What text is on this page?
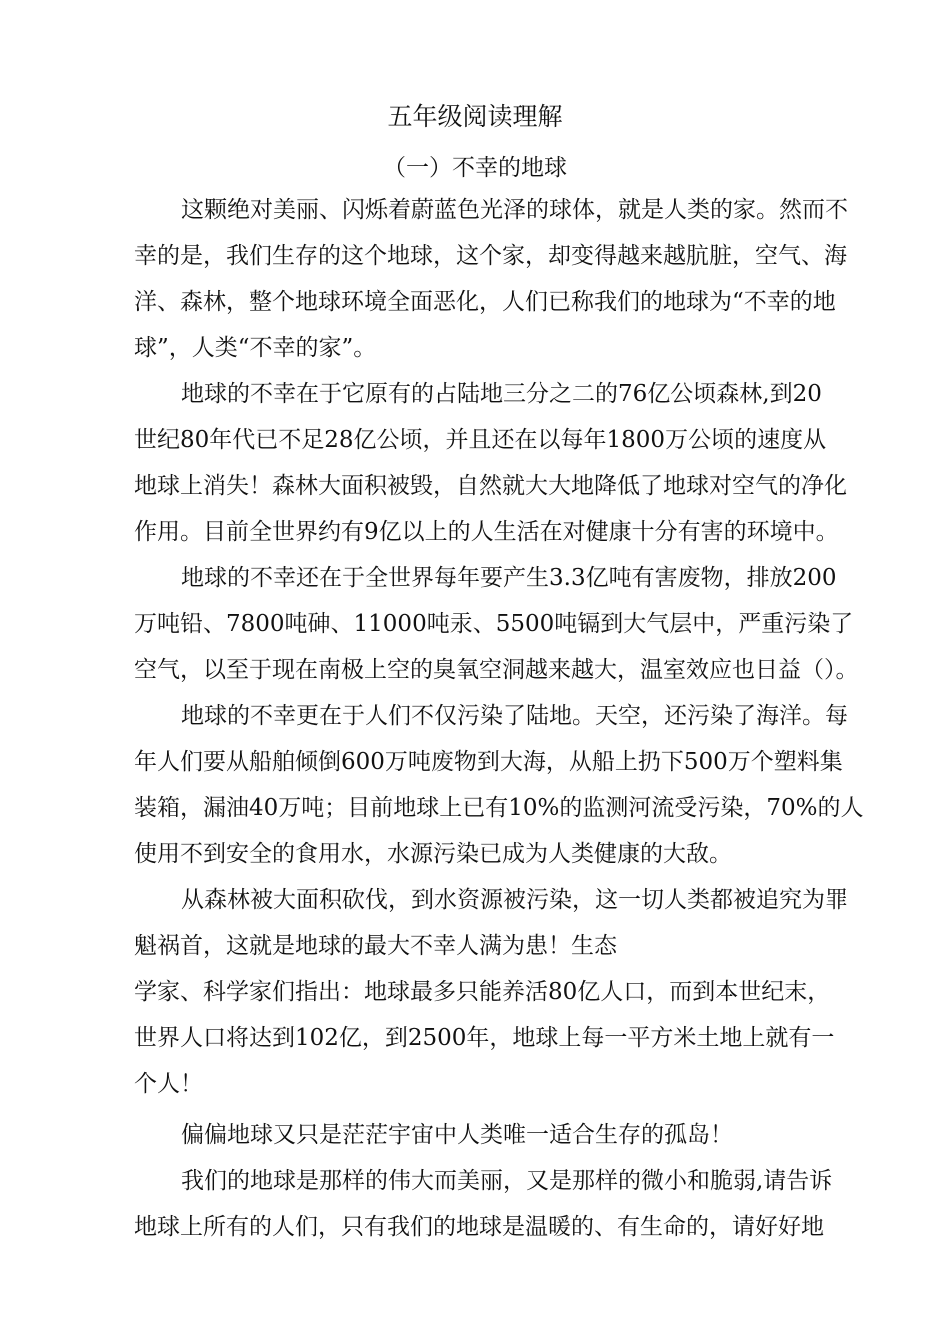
五年级阅读理解
（一）不幸的地球
这颗绝对美丽、闪烁着蔚蓝色光泽的球体，就是人类的家。然而不
幸的是，我们生存的这个地球，这个家，却变得越来越肮脏，空气、海
洋、森林，整个地球环境全面恶化，人们已称我们的地球为“不幸的地
球”，人类“不幸的家”。
地球的不幸在于它原有的占陆地三分之二的76亿公顷森林,到20
世纪80年代已不足28亿公顷，并且还在以每年1800万公顷的速度从
地球上消失！森林大面积被毁，自然就大大地降低了地球对空气的净化
作用。目前全世界约有9亿以上的人生活在对健康十分有害的环境中。
地球的不幸还在于全世界每年要产生3.3亿吨有害废物，排放200
万吨铅、7800吨砷、11000吨汞、5500吨镉到大气层中，严重污染了
空气，以至于现在南极上空的臭氧空洞越来越大，温室效应也日益（）。
地球的不幸更在于人们不仅污染了陆地。天空，还污染了海洋。每
年人们要从船舶倾倒600万吨废物到大海，从船上扔下500万个塑料集
装箱，漏油40万吨；目前地球上已有10%的监测河流受污染，70%的人
使用不到安全的食用水，水源污染已成为人类健康的大敌。
从森林被大面积砍伐，到水资源被污染，这一切人类都被追究为罪
魁祸首，这就是地球的最大不幸人满为患！生态
学家、科学家们指出：地球最多只能养活80亿人口，而到本世纪末，
世界人口将达到102亿，到2500年，地球上每一平方米土地上就有一
个人！
偏偏地球又只是茫茫宇宙中人类唯一适合生存的孤岛！
我们的地球是那样的伟大而美丽，又是那样的微小和脆弱,请告诉
地球上所有的人们，只有我们的地球是温暖的、有生命的，请好好地
